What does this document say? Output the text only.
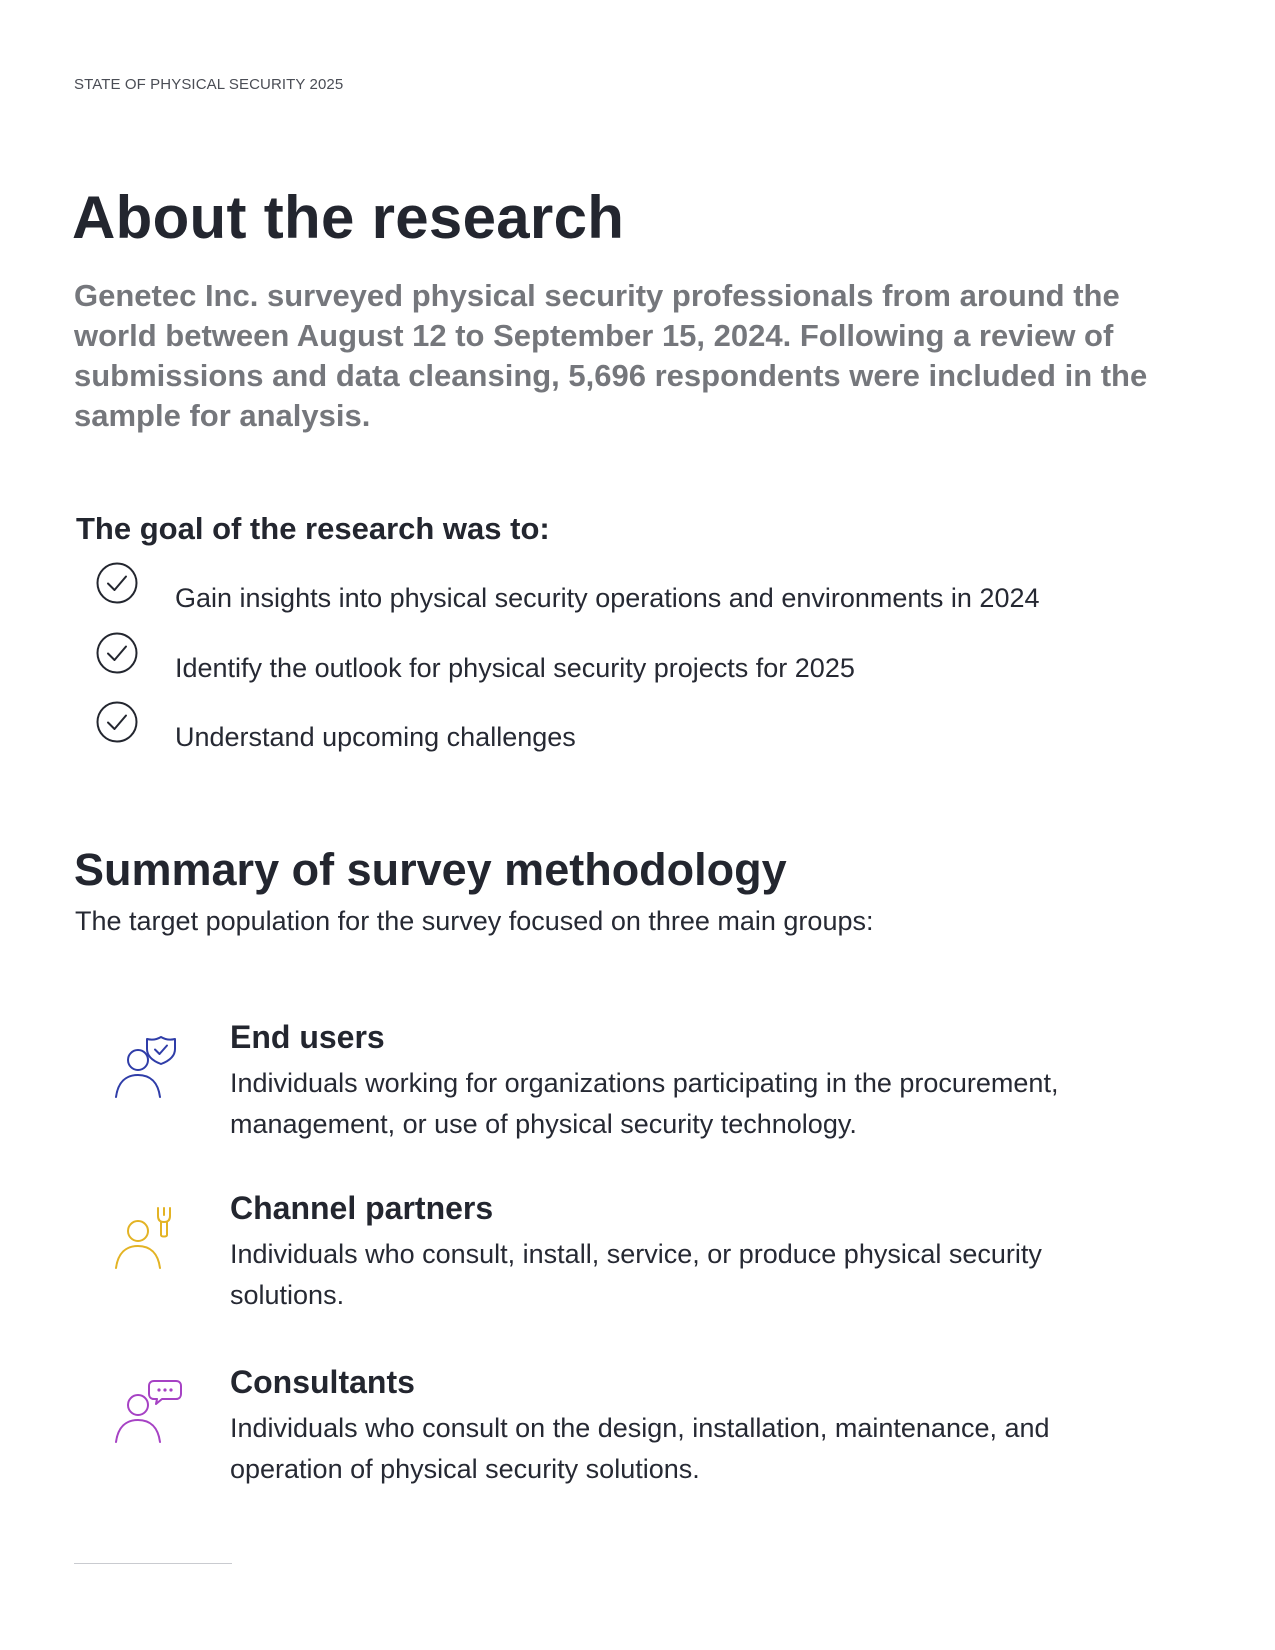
STATE OF PHYSICAL SECURITY 2025
About the research

Genetec Inc. surveyed physical security professionals from around the world between August 12 to September 15, 2024. Following a review of submissions and data cleansing, 5,696 respondents were included in the sample for analysis.

The goal of the research was to:
Gain insights into physical security operations and environments in 2024
Identify the outlook for physical security projects for 2025
Understand upcoming challenges
Summary of survey methodology

The target population for the survey focused on three main groups:

End users
Individuals working for organizations participating in the procurement, management, or use of physical security technology.
Channel partners
Individuals who consult, install, service, or produce physical security solutions.
Consultants
Individuals who consult on the design, installation, maintenance, and operation of physical security solutions.
